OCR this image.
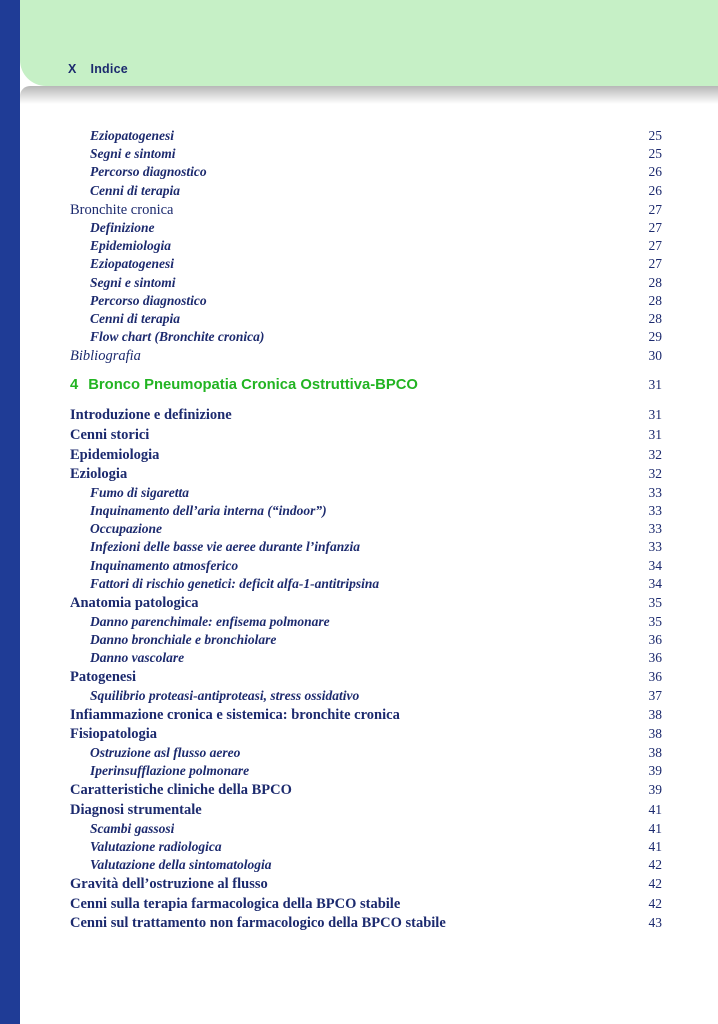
X Indice
Eziopatogenesi	25
Segni e sintomi	25
Percorso diagnostico	26
Cenni di terapia	26
Bronchite cronica	27
Definizione	27
Epidemiologia	27
Eziopatogenesi	27
Segni e sintomi	28
Percorso diagnostico	28
Cenni di terapia	28
Flow chart (Bronchite cronica)	29
Bibliografia	30
4 Bronco Pneumopatia Cronica Ostruttiva-BPCO	31
Introduzione e definizione	31
Cenni storici	31
Epidemiologia	32
Eziologia	32
Fumo di sigaretta	33
Inquinamento dell’aria interna (“indoor”)	33
Occupazione	33
Infezioni delle basse vie aeree durante l’infanzia	33
Inquinamento atmosferico	34
Fattori di rischio genetici: deficit alfa-1-antitripsina	34
Anatomia patologica	35
Danno parenchimale: enfisema polmonare	35
Danno bronchiale e bronchiolare	36
Danno vascolare	36
Patogenesi	36
Squilibrio proteasi-antiproteasi, stress ossidativo	37
Infiammazione cronica e sistemica: bronchite cronica	38
Fisiopatologia	38
Ostruzione asl flusso aereo	38
Iperinsufflazione polmonare	39
Caratteristiche cliniche della BPCO	39
Diagnosi strumentale	41
Scambi gassosi	41
Valutazione radiologica	41
Valutazione della sintomatologia	42
Gravità dell’ostruzione al flusso	42
Cenni sulla terapia farmacologica della BPCO stabile	42
Cenni sul trattamento non farmacologico della BPCO stabile	43
